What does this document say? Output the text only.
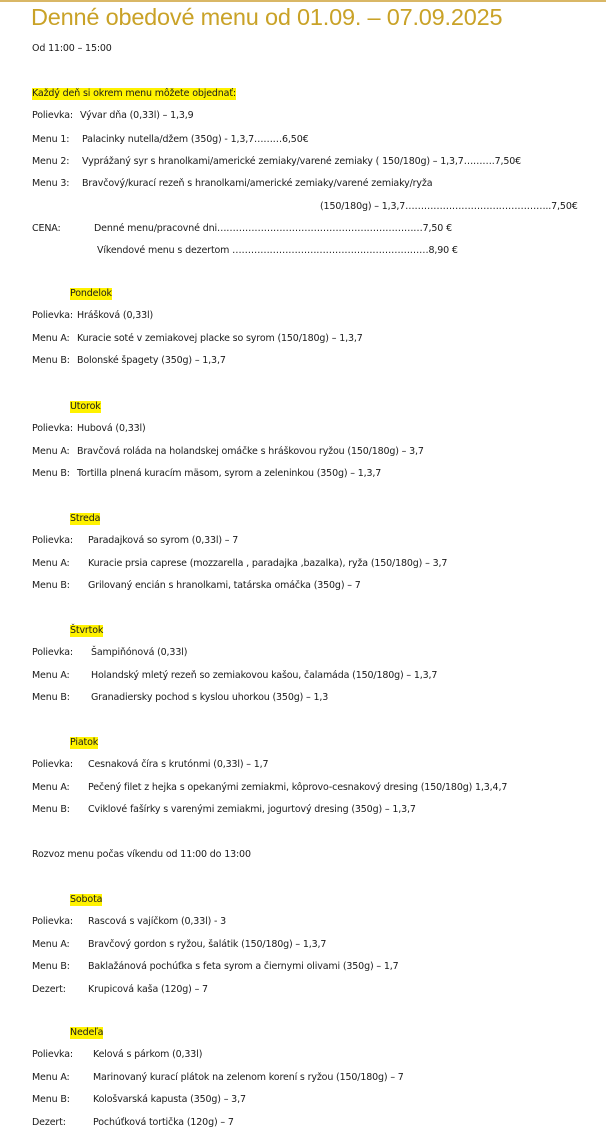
Denné obedové menu od 01.09. – 07.09.2025
Od 11:00 – 15:00
Každý deň si okrem menu môžete objednať:
Polievka: Vývar dňa (0,33l) – 1,3,9
Menu 1: Palacinky nutella/džem (350g) - 1,3,7………6,50€
Menu 2: Vyprážaný syr s hranolkami/americké zemiaky/varené zemiaky ( 150/180g) – 1,3,7……….7,50€
Menu 3: Bravčový/kurací rezeň s hranolkami/americké zemiaky/varené zemiaky/ryža
(150/180g) – 1,3,7………………………………………..7,50€
CENA:	Denné menu/pracovné dni…………………………………………………………7,50 €
Víkendové menu s dezertom ………………………………………………………8,90 €
Rozvoz menu počas víkendu od 11:00 do 13:00
Pondelok
Polievka: Hrášková (0,33l)
Menu A: Kuracie soté v zemiakovej placke so syrom (150/180g) – 1,3,7
Menu B: Bolonské špagety (350g) – 1,3,7
Utorok
Polievka: Hubová (0,33l)
Menu A: Bravčová roláda na holandskej omáčke s hráškovou ryžou (150/180g) – 3,7
Menu B: Tortilla plnená kuracím mäsom, syrom a zeleninkou (350g) – 1,3,7
Streda
Polievka: Paradajková so syrom (0,33l) – 7
Menu A: Kuracie prsia caprese (mozzarella , paradajka ,bazalka), ryža (150/180g) – 3,7
Menu B: Grilovaný encián s hranolkami, tatárska omáčka (350g) – 7
Štvrtok
Polievka: Šampiňónová (0,33l)
Menu A: Holandský mletý rezeň so zemiakovou kašou, čalamáda (150/180g) – 1,3,7
Menu B: Granadiersky pochod s kyslou uhorkou (350g) – 1,3
Piatok
Polievka: Cesnaková číra s krutónmi (0,33l) – 1,7
Menu A: Pečený filet z hejka s opekanými zemiakmi, kôprovo-cesnakový dresing (150/180g) 1,3,4,7
Menu B: Cviklové fašírky s varenými zemiakmi, jogurtový dresing (350g) – 1,3,7
Sobota
Polievka: Rascová s vajíčkom (0,33l) - 3
Menu A: Bravčový gordon s ryžou, šalátik (150/180g) – 1,3,7
Menu B: Baklažánová pochúťka s feta syrom a čiernymi olivami (350g) – 1,7
Dezert: Krupicová kaša (120g) – 7
Nedeľa
Polievka: Kelová s párkom (0,33l)
Menu A: Marinovaný kurací plátok na zelenom korení s ryžou (150/180g) – 7
Menu B: Kološvarská kapusta (350g) – 3,7
Dezert:	Pochúťková tortička (120g) – 7
